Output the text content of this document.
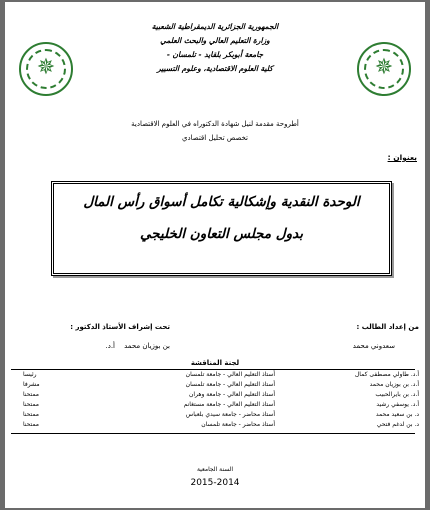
✵	✵
الجمهورية الجزائرية الديمقراطية الشعبية
وزارة التعليم العالي والبحث العلمي
جامعة أبوبكر بلقايد - تلمسان -
كلية العلوم الاقتصادية، وعلوم التسيير
أطروحة مقدمة لنيل شهادة الدكتوراه في العلوم الاقتصادية
تخصص تحليل اقتصادي
بعنوان :
الوحدة النقدية وإشكالية تكامل أسواق رأس المال
بدول مجلس التعاون الخليجي
من إعداد الطالب :
سعدوني محمد
تحت إشراف الأستاذ الدكتور :
أ.د. بن بوزيان محمد
لجنة المناقشة
أ.د. طاولي مصطفى كمال
أستاذ التعليم العالي - جامعة تلمسان
رئيسا
أ.د. بن بوزيان محمد
أستاذ التعليم العالي - جامعة تلمسان
مشرفا
أ.د. بن بايرالحبيب
أستاذ التعليم العالي - جامعة وهران
ممتحنا
أ.د. يوسفي رشيد
أستاذ التعليم العالي - جامعة مستغانم
ممتحنا
د. بن سعيد محمد
أستاذ محاضر - جامعة سيدي بلعباس
ممتحنا
د. بن لدغم فتحي
أستاذ محاضر - جامعة تلمسان
ممتحنا
السنة الجامعية
2015-2014
